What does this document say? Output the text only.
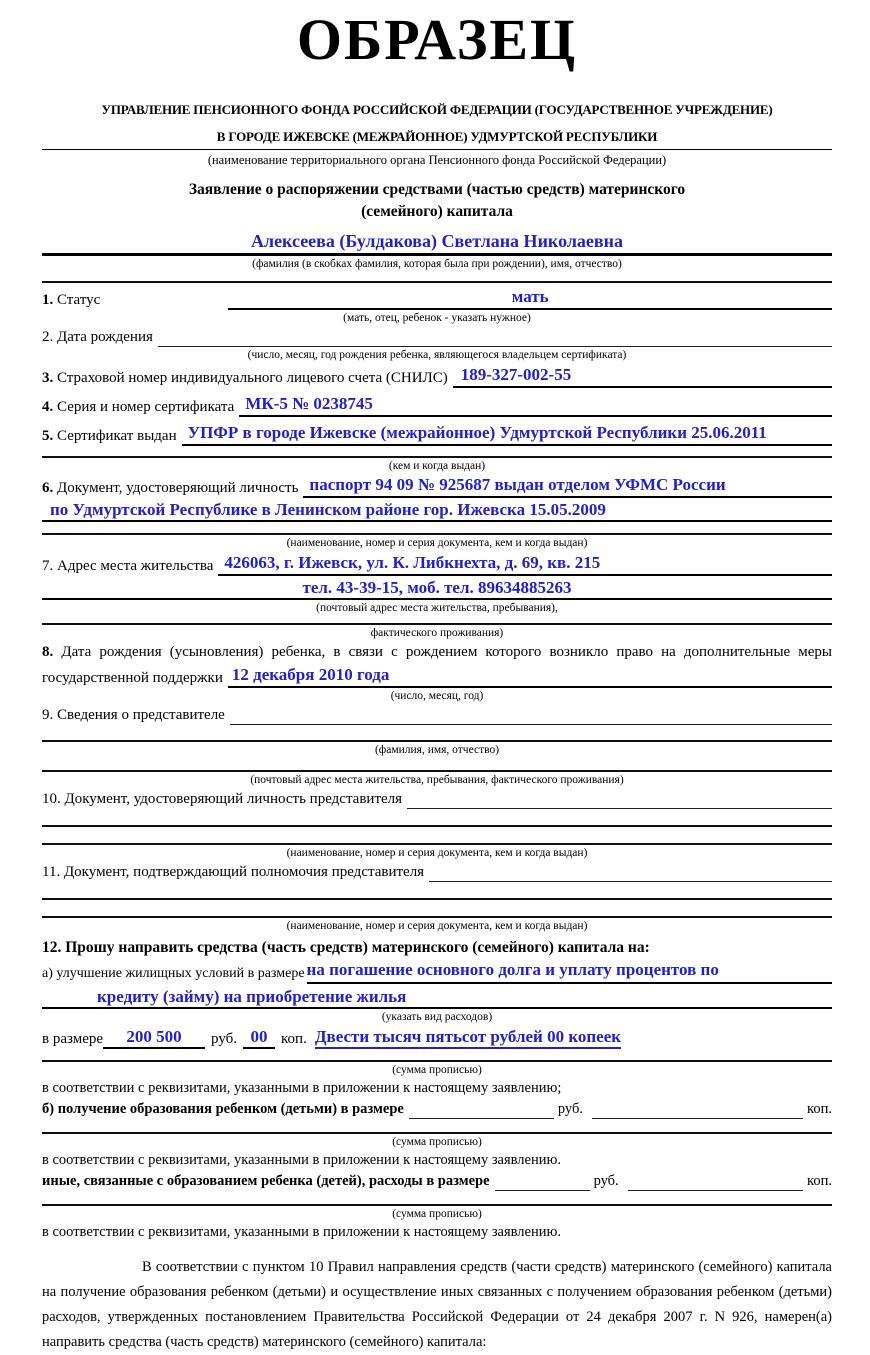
ОБРАЗЕЦ
УПРАВЛЕНИЕ ПЕНСИОННОГО ФОНДА РОССИЙСКОЙ ФЕДЕРАЦИИ (ГОСУДАРСТВЕННОЕ УЧРЕЖДЕНИЕ)
В ГОРОДЕ ИЖЕВСКЕ (МЕЖРАЙОННОЕ) УДМУРТСКОЙ РЕСПУБЛИКИ
(наименование территориального органа Пенсионного фонда Российской Федерации)
Заявление о распоряжении средствами (частью средств) материнского
(семейного) капитала
Алексеева (Булдакова) Светлана Николаевна
(фамилия (в скобках фамилия, которая была при рождении), имя, отчество)
1. Статус	мать
(мать, отец, ребенок - указать нужное)
2. Дата рождения
(число, месяц, год рождения ребенка, являющегося владельцем сертификата)
3. Страховой номер индивидуального лицевого счета (СНИЛС) 189-327-002-55
4. Серия и номер сертификата МК-5 № 0238745
5. Сертификат выдан УПФР в городе Ижевске (межрайонное) Удмуртской Республики 25.06.2011
(кем и когда выдан)
6. Документ, удостоверяющий личность паспорт 94 09 № 925687 выдан отделом УФМС России
по Удмуртской Республике в Ленинском районе гор. Ижевска 15.05.2009
(наименование, номер и серия документа, кем и когда выдан)
7. Адрес места жительства 426063, г. Ижевск, ул. К. Либкнехта, д. 69, кв. 215
тел. 43-39-15, моб. тел. 89634885263
(почтовый адрес места жительства, пребывания),
фактического проживания)
8. Дата рождения (усыновления) ребенка, в связи с рождением которого возникло право на дополнительные меры
государственной поддержки 12 декабря 2010 года
(число, месяц, год)
9. Сведения о представителе
(фамилия, имя, отчество)
(почтовый адрес места жительства, пребывания, фактического проживания)
10. Документ, удостоверяющий личность представителя
(наименование, номер и серия документа, кем и когда выдан)
11. Документ, подтверждающий полномочия представителя
(наименование, номер и серия документа, кем и когда выдан)
12. Прошу направить средства (часть средств) материнского (семейного) капитала на:
а) улучшение жилищных условий в размере на погашение основного долга и уплату процентов по
кредиту (займу) на приобретение жилья
(указать вид расходов)
в размере	200 500	руб. 00 коп. Двести тысяч пятьсот рублей 00 копеек
(сумма прописью)
в соответствии с реквизитами, указанными в приложении к настоящему заявлению;
б) получение образования ребенком (детьми) в размере	руб.	коп.
(сумма прописью)
в соответствии с реквизитами, указанными в приложении к настоящему заявлению.
иные, связанные с образованием ребенка (детей), расходы в размере	руб.	коп.
(сумма прописью)
в соответствии с реквизитами, указанными в приложении к настоящему заявлению.
В соответствии с пунктом 10 Правил направления средств (части средств) материнского (семейного) капитала на получение образования ребенком (детьми) и осуществление иных связанных с получением образования ребенком (детьми) расходов, утвержденных постановлением Правительства Российской Федерации от 24 декабря 2007 г. N 926, намерен(а) направить средства (часть средств) материнского (семейного) капитала:
